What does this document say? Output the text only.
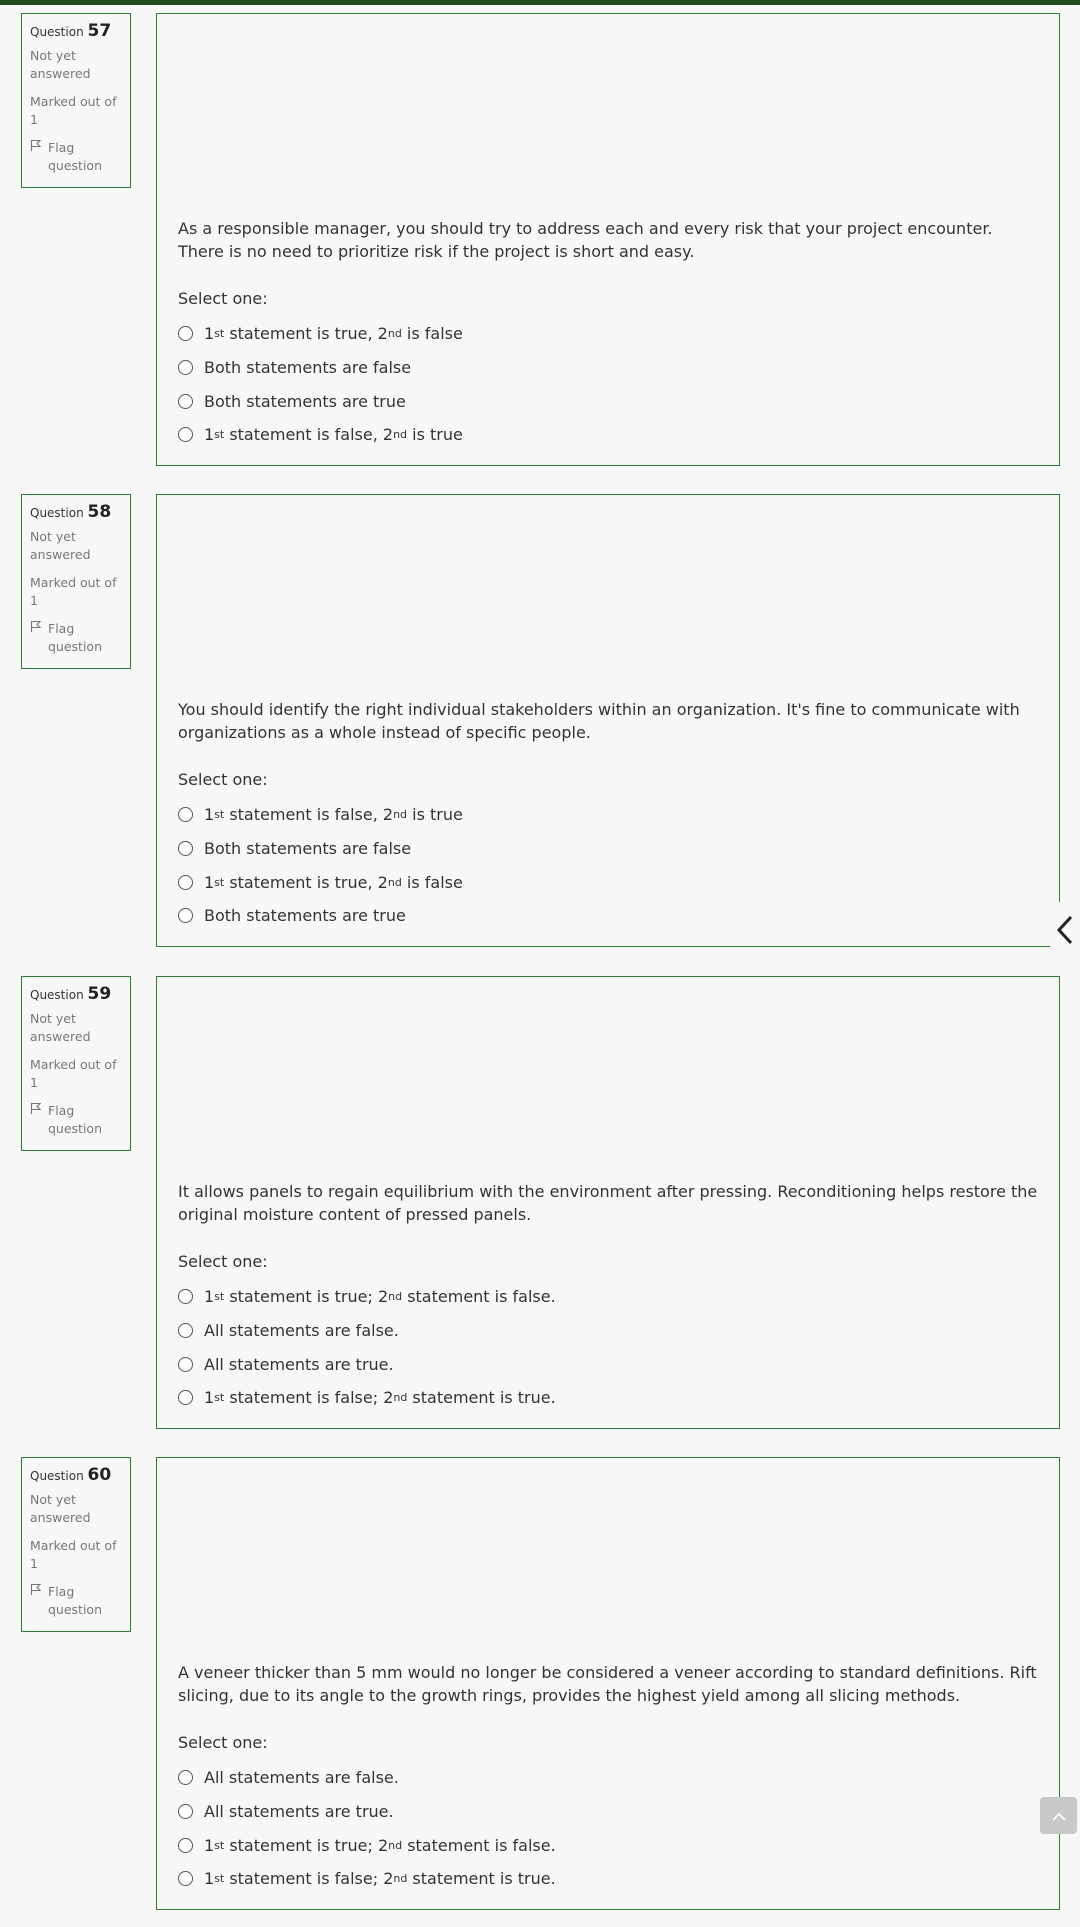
Question 57
Not yet answered
Marked out of 1
Flag question
As a responsible manager, you should try to address each and every risk that your project encounter. There is no need to prioritize risk if the project is short and easy.
Select one:
1 st statement is true, 2 nd is false
Both statements are false
Both statements are true
1 st statement is false, 2 nd is true
Question 58
Not yet answered
Marked out of 1
Flag question
You should identify the right individual stakeholders within an organization. It's fine to communicate with organizations as a whole instead of specific people.
Select one:
1 st statement is false, 2 nd is true
Both statements are false
1 st statement is true, 2 nd is false
Both statements are true
Question 59
Not yet answered
Marked out of 1
Flag question
It allows panels to regain equilibrium with the environment after pressing. Reconditioning helps restore the original moisture content of pressed panels.
Select one:
1 st statement is true; 2 nd statement is false.
All statements are false.
All statements are true.
1 st statement is false; 2 nd statement is true.
Question 60
Not yet answered
Marked out of 1
Flag question
A veneer thicker than 5 mm would no longer be considered a veneer according to standard definitions. Rift slicing, due to its angle to the growth rings, provides the highest yield among all slicing methods.
Select one:
All statements are false.
All statements are true.
1 st statement is true; 2 nd statement is false.
1 st statement is false; 2 nd statement is true.
